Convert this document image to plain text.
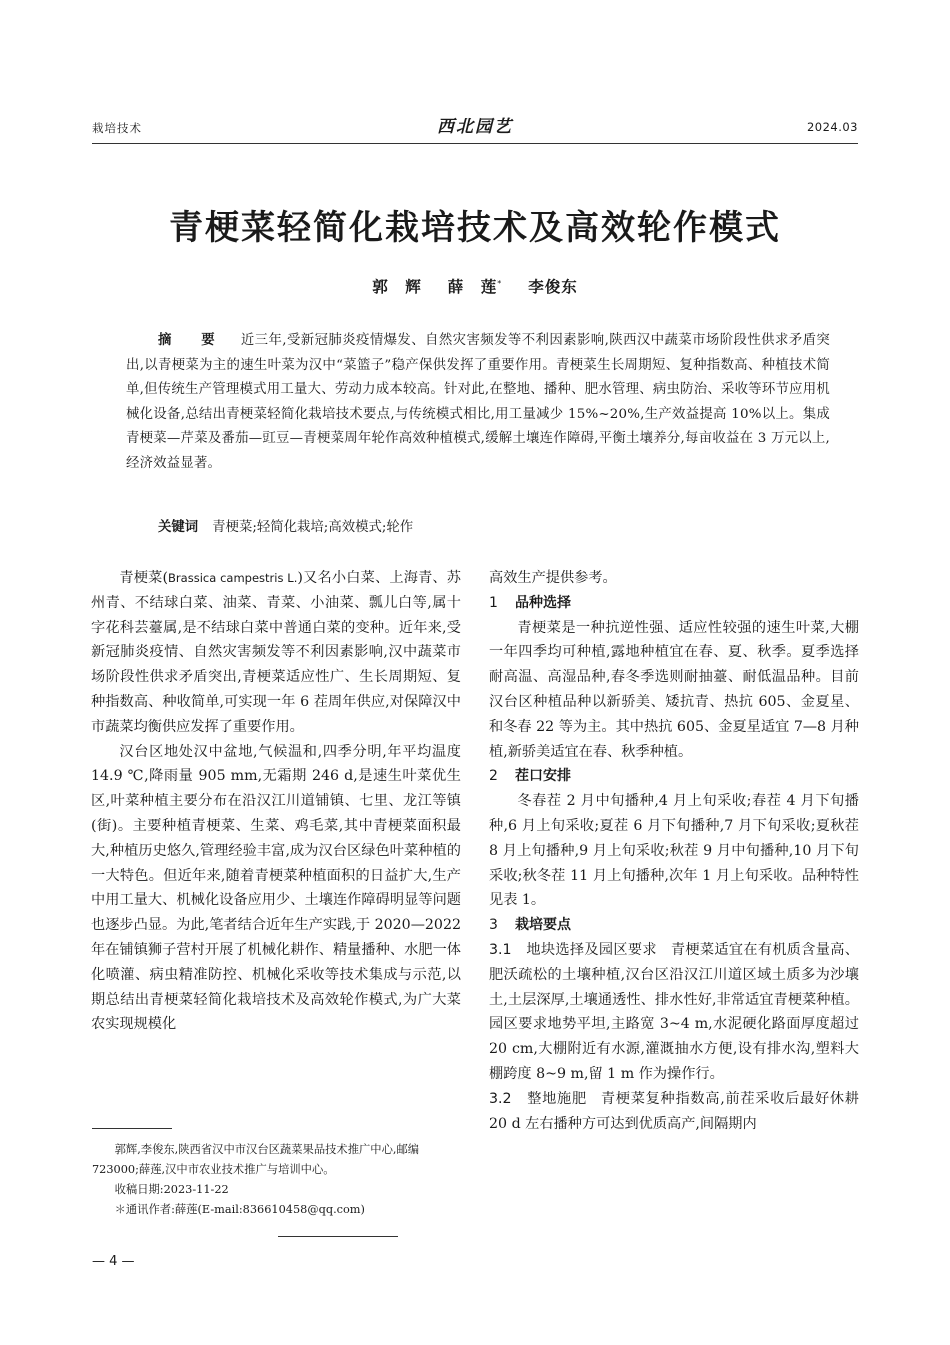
栽培技术	西北园艺	2024.03
青梗菜轻简化栽培技术及高效轮作模式
郭　辉 薛　莲* 李俊东
摘　要 近三年,受新冠肺炎疫情爆发、自然灾害频发等不利因素影响,陕西汉中蔬菜市场阶段性供求矛盾突出,以青梗菜为主的速生叶菜为汉中“菜篮子”稳产保供发挥了重要作用。青梗菜生长周期短、复种指数高、种植技术简单,但传统生产管理模式用工量大、劳动力成本较高。针对此,在整地、播种、肥水管理、病虫防治、采收等环节应用机械化设备,总结出青梗菜轻简化栽培技术要点,与传统模式相比,用工量减少 15%~20%,生产效益提高 10%以上。集成青梗菜—芹菜及番茄—豇豆—青梗菜周年轮作高效种植模式,缓解土壤连作障碍,平衡土壤养分,每亩收益在 3 万元以上,经济效益显著。
关键词 青梗菜;轻简化栽培;高效模式;轮作

青梗菜(Brassica campestris L.)又名小白菜、上海青、苏州青、不结球白菜、油菜、青菜、小油菜、瓢儿白等,属十字花科芸薹属,是不结球白菜中普通白菜的变种。近年来,受新冠肺炎疫情、自然灾害频发等不利因素影响,汉中蔬菜市场阶段性供求矛盾突出,青梗菜适应性广、生长周期短、复种指数高、种收简单,可实现一年 6 茬周年供应,对保障汉中市蔬菜均衡供应发挥了重要作用。

汉台区地处汉中盆地,气候温和,四季分明,年平均温度 14.9 ℃,降雨量 905 mm,无霜期 246 d,是速生叶菜优生区,叶菜种植主要分布在沿汉江川道铺镇、七里、龙江等镇(街)。主要种植青梗菜、生菜、鸡毛菜,其中青梗菜面积最大,种植历史悠久,管理经验丰富,成为汉台区绿色叶菜种植的一大特色。但近年来,随着青梗菜种植面积的日益扩大,生产中用工量大、机械化设备应用少、土壤连作障碍明显等问题也逐步凸显。为此,笔者结合近年生产实践,于 2020—2022 年在铺镇狮子营村开展了机械化耕作、精量播种、水肥一体化喷灌、病虫精准防控、机械化采收等技术集成与示范,以期总结出青梗菜轻简化栽培技术及高效轮作模式,为广大菜农实现规模化

高效生产提供参考。

1 品种选择

青梗菜是一种抗逆性强、适应性较强的速生叶菜,大棚一年四季均可种植,露地种植宜在春、夏、秋季。夏季选择耐高温、高湿品种,春冬季选则耐抽薹、耐低温品种。目前汉台区种植品种以新骄美、矮抗青、热抗 605、金夏星、和冬春 22 等为主。其中热抗 605、金夏星适宜 7—8 月种植,新骄美适宜在春、秋季种植。

2 茬口安排

冬春茬 2 月中旬播种,4 月上旬采收;春茬 4 月下旬播种,6 月上旬采收;夏茬 6 月下旬播种,7 月下旬采收;夏秋茬 8 月上旬播种,9 月上旬采收;秋茬 9 月中旬播种,10 月下旬采收;秋冬茬 11 月上旬播种,次年 1 月上旬采收。品种特性见表 1。

3 栽培要点

3.1　地块选择及园区要求 青梗菜适宜在有机质含量高、肥沃疏松的土壤种植,汉台区沿汉江川道区域土质多为沙壤土,土层深厚,土壤通透性、排水性好,非常适宜青梗菜种植。园区要求地势平坦,主路宽 3~4 m,水泥硬化路面厚度超过 20 cm,大棚附近有水源,灌溉抽水方便,设有排水沟,塑料大棚跨度 8~9 m,留 1 m 作为操作行。

3.2　整地施肥 青梗菜复种指数高,前茬采收后最好休耕 20 d 左右播种方可达到优质高产,间隔期内

郭辉,李俊东,陕西省汉中市汉台区蔬菜果品技术推广中心,邮编 723000;薛莲,汉中市农业技术推广与培训中心。

收稿日期:2023-11-22

＊通讯作者:薛莲(E-mail:836610458@qq.com)

— 4 —
